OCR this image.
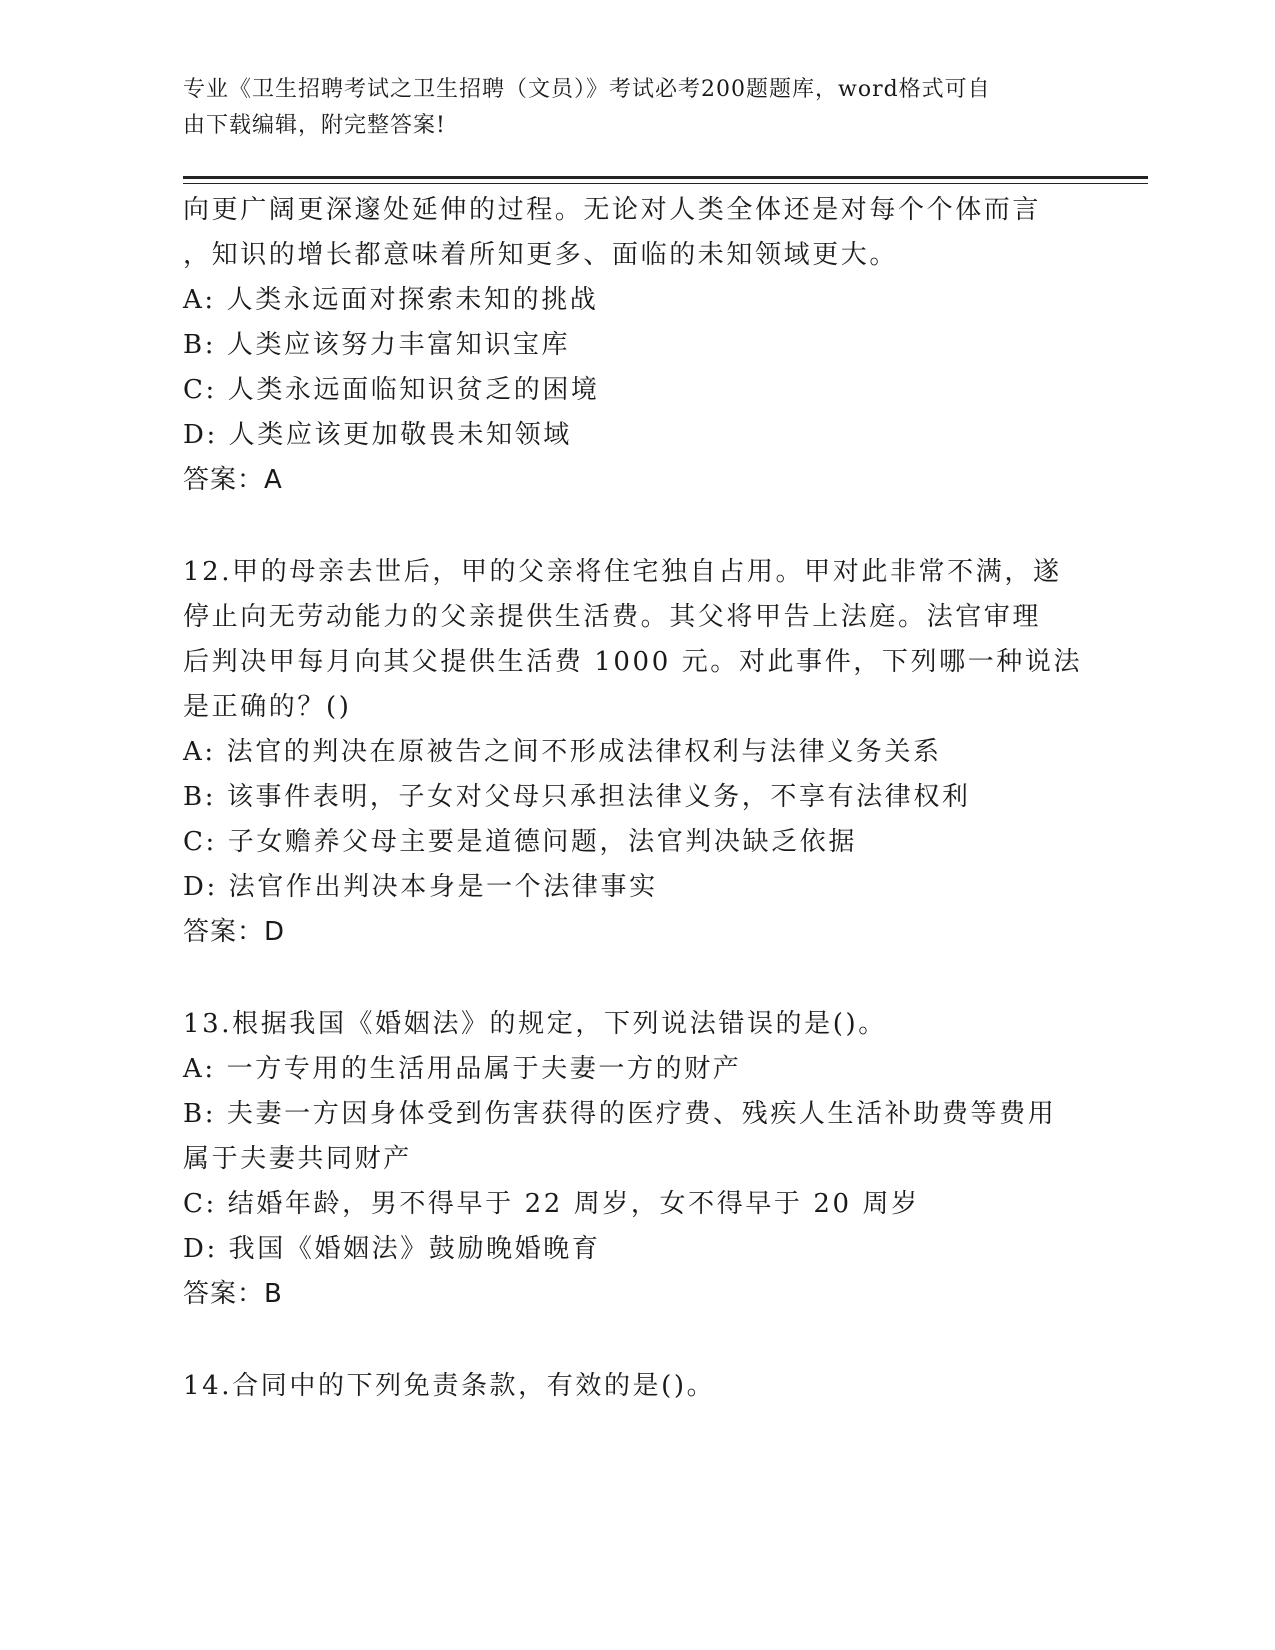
专业《卫生招聘考试之卫生招聘（文员）》考试必考200题题库，word格式可自
由下载编辑，附完整答案!
向更广阔更深邃处延伸的过程。无论对人类全体还是对每个个体而言
，知识的增长都意味着所知更多、面临的未知领域更大。
A: 人类永远面对探索未知的挑战
B: 人类应该努力丰富知识宝库
C: 人类永远面临知识贫乏的困境
D: 人类应该更加敬畏未知领域
答案：A
12.甲的母亲去世后，甲的父亲将住宅独自占用。甲对此非常不满，遂
停止向无劳动能力的父亲提供生活费。其父将甲告上法庭。法官审理
后判决甲每月向其父提供生活费 1000 元。对此事件，下列哪一种说法
是正确的？()
A: 法官的判决在原被告之间不形成法律权利与法律义务关系
B: 该事件表明，子女对父母只承担法律义务，不享有法律权利
C: 子女赡养父母主要是道德问题，法官判决缺乏依据
D: 法官作出判决本身是一个法律事实
答案：D
13.根据我国《婚姻法》的规定，下列说法错误的是()。
A: 一方专用的生活用品属于夫妻一方的财产
B: 夫妻一方因身体受到伤害获得的医疗费、残疾人生活补助费等费用
属于夫妻共同财产
C: 结婚年龄，男不得早于 22 周岁，女不得早于 20 周岁
D: 我国《婚姻法》鼓励晚婚晚育
答案：B
14.合同中的下列免责条款，有效的是()。
